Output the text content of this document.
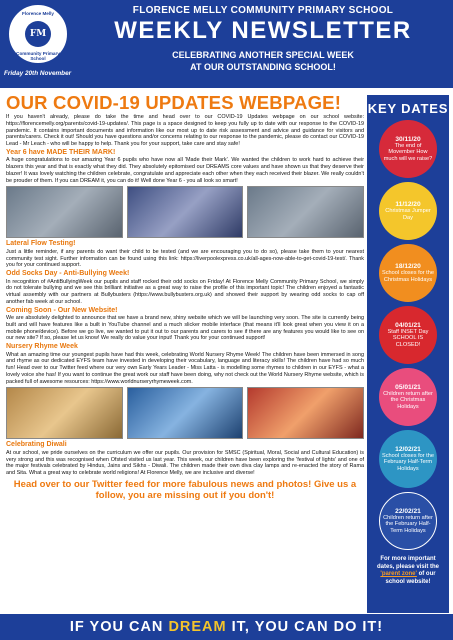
Florence Melly
FM
Community Primary School
Friday 20th November
FLORENCE MELLY COMMUNITY PRIMARY SCHOOL
WEEKLY NEWSLETTER
CELEBRATING ANOTHER SPECIAL WEEK
AT OUR OUTSTANDING SCHOOL!
OUR COVID-19 UPDATES WEBPAGE!
If you haven't already, please do take the time and head over to our COVID-19 Updates webpage on our school website: https://florencemelly.org/parents/covid-19-updates/. This page is a space designed to keep you fully up to date with our response to the COVID-19 pandemic. It contains important documents and information like our most up to date risk assessment and advice and guidance for visitors and parents/carers. Check it out! Should you have questions and/or concerns relating to our response to the pandemic, please do contact our COVID-19 Lead - Mr Leach - who will be happy to help. Thank you for your support, take care and stay safe!
Year 6 have MADE THEIR MARK!
A huge congratulations to our amazing Year 6 pupils who have now all 'Made their Mark'. We wanted the children to work hard to achieve their blazers this year and that is exactly what they did. They absolutely epitomised our DREAMS core values and have shown us that they deserve their blazer! It was lovely watching the children celebrate, congratulate and appreciate each other when they each received their blazer. We really couldn't be prouder of them. If you can DREAM it, you can do it! Well done Year 6 - you all look so smart!
Lateral Flow Testing!
Just a little reminder, if any parents do want their child to be tested (and we are encouraging you to do so), please take them to your nearest community test sight. Further information can be found using this link: https://liverpoolexpress.co.uk/all-ages-now-able-to-get-covid-19-test/. Thank you for your continued support.
Odd Socks Day - Anti-Bullying Week!
In recognition of #AntiBullyingWeek our pupils and staff rocked their odd socks on Friday! At Florence Melly Community Primary School, we simply do not tolerate bullying and we see this brilliant initiative as a great way to raise the profile of this important topic! The children enjoyed a fantastic virtual assembly with our partners at Bullybusters (https://www.bullybusters.org.uk) and showed their support by wearing odd socks to cap off another fab week at our school.
Coming Soon - Our New Website!
We are absolutely delighted to announce that we have a brand new, shiny website which we will be launching very soon. The site is currently being built and will have features like a built in YouTube channel and a much slicker mobile interface (that means it'll look great when you view it on a mobile phone/device). Before we go live, we wanted to put it out to our parents and carers to see if there are any features you would like to see on our new site? If so, please let us know! We really do value your input! Thank you for your continued support!
Nursery Rhyme Week
What an amazing time our youngest pupils have had this week, celebrating World Nursery Rhyme Week! The children have been immersed in song and rhyme as our dedicated EYFS team have invested in developing their vocabulary, language and literacy skills! The children have had so much fun! Head over to our Twitter feed where our very own Early Years Leader - Miss Latta - is modelling some rhymes to children in our EYFS - what a lovely voice she has! If you want to continue the great work our staff have been doing, why not check out the World Nursery Rhyme website, which is packed full of awesome resources: https://www.worldnurseryrhymeweek.com.
Celebrating Diwali
At our school, we pride ourselves on the curriculum we offer our pupils. Our provision for SMSC (Spiritual, Moral, Social and Cultural Education) is very strong and this was recognised when Ofsted visited us last year. This week, our children have been exploring the 'festival of lights' and one of the major festivals celebrated by Hindus, Jains and Sikhs - Diwali. The children made their own diva clay lamps and re-enacted the story of Rama and Sita. What a great way to celebrate world religions! At Florence Melly, we are inclusive and diverse!
Head over to our Twitter feed for more fabulous news and photos! Give us a follow, you are missing out if you don't!
KEY DATES
30/11/20
The end of Movember How much will we raise?
11/12/20
Christmas Jumper Day
18/12/20
School closes for the Christmas Holidays
04/01/21
Staff INSET Day SCHOOL IS CLOSED!
05/01/21
Children return after the Christmas Holidays
12/02/21
School closes for the February Half-Term Holidays
22/02/21
Children return after the February Half-Term Holidays
For more important dates, please visit the 'parent zone' of our school website!
IF YOU CAN DREAM IT, YOU CAN DO IT!
